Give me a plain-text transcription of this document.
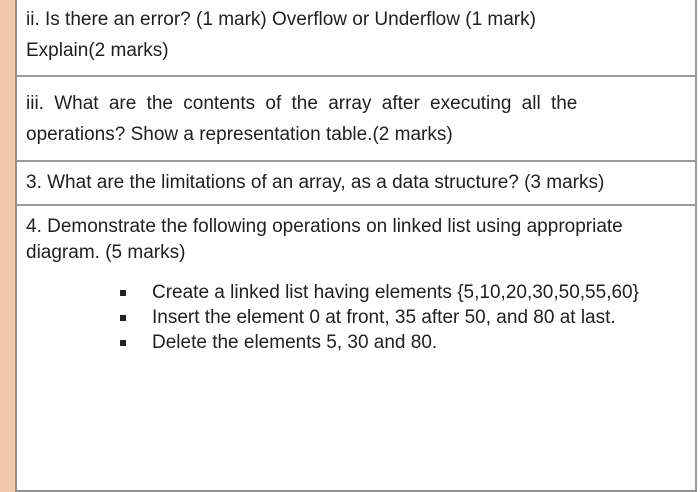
ii. Is there an error? (1 mark) Overflow or Underflow (1 mark)
Explain(2 marks)
iii. What are the contents of the array after executing all the
operations? Show a representation table.(2 marks)
3. What are the limitations of an array, as a data structure? (3 marks)
4. Demonstrate the following operations on linked list using appropriate
diagram. (5 marks)
Create a linked list having elements {5,10,20,30,50,55,60}
Insert the element 0 at front, 35 after 50, and 80 at last.
Delete the elements 5, 30 and 80.
